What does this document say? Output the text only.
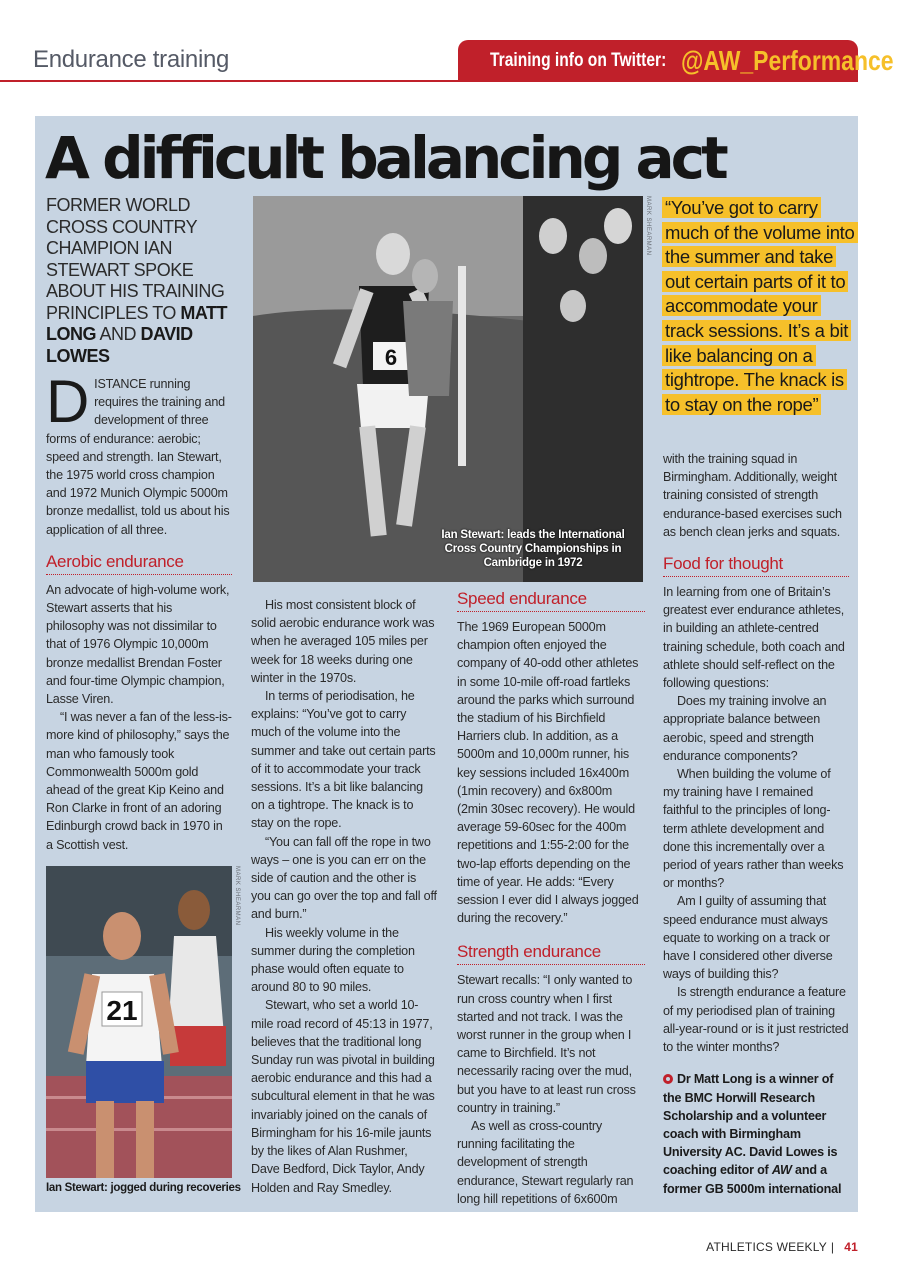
Endurance training	Training info on Twitter: @AW_Performance
A difficult balancing act
FORMER WORLD CROSS COUNTRY CHAMPION IAN STEWART SPOKE ABOUT HIS TRAINING PRINCIPLES TO MATT LONG AND DAVID LOWES
D ISTANCE running requires the training and development of three forms of endurance: aerobic; speed and strength. Ian Stewart, the 1975 world cross champion and 1972 Munich Olympic 5000m bronze medallist, told us about his application of all three.

Aerobic endurance

An advocate of high-volume work, Stewart asserts that his philosophy was not dissimilar to that of 1976 Olympic 10,000m bronze medallist Brendan Foster and four-time Olympic champion, Lasse Viren.

“I was never a fan of the less-is-more kind of philosophy,” says the man who famously took Commonwealth 5000m gold ahead of the great Kip Keino and Ron Clarke in front of an adoring Edinburgh crowd back in 1970 in a Scottish vest.

21
MARK SHEARMAN
Ian Stewart: jogged during recoveries
6
Ian Stewart: leads the International Cross Country Championships in Cambridge in 1972
MARK SHEARMAN

His most consistent block of solid aerobic endurance work was when he averaged 105 miles per week for 18 weeks during one winter in the 1970s.

In terms of periodisation, he explains: “You’ve got to carry much of the volume into the summer and take out certain parts of it to accommodate your track sessions. It’s a bit like balancing on a tightrope. The knack is to stay on the rope.

“You can fall off the rope in two ways – one is you can err on the side of caution and the other is you can go over the top and fall off and burn.”

His weekly volume in the summer during the completion phase would often equate to around 80 to 90 miles.

Stewart, who set a world 10-mile road record of 45:13 in 1977, believes that the traditional long Sunday run was pivotal in building aerobic endurance and this had a subcultural element in that he was invariably joined on the canals of Birmingham for his 16-mile jaunts by the likes of Alan Rushmer, Dave Bedford, Dick Taylor, Andy Holden and Ray Smedley.

Speed endurance

The 1969 European 5000m champion often enjoyed the company of 40-odd other athletes in some 10-mile off-road fartleks around the parks which surround the stadium of his Birchfield Harriers club. In addition, as a 5000m and 10,000m runner, his key sessions included 16x400m (1min recovery) and 6x800m (2min 30sec recovery). He would average 59-60sec for the 400m repetitions and 1:55-2:00 for the two-lap efforts depending on the time of year. He adds: “Every session I ever did I always jogged during the recovery.”

Strength endurance

Stewart recalls: “I only wanted to run cross country when I first started and not track. I was the worst runner in the group when I came to Birchfield. It’s not necessarily racing over the mud, but you have to at least run cross country in training.”

As well as cross-country running facilitating the development of strength endurance, Stewart regularly ran long hill repetitions of 6x600m

“You’ve got to carry much of the volume into the summer and take out certain parts of it to accommodate your track sessions. It’s a bit like balancing on a tightrope. The knack is to stay on the rope”

with the training squad in Birmingham. Additionally, weight training consisted of strength endurance-based exercises such as bench clean jerks and squats.

Food for thought

In learning from one of Britain’s greatest ever endurance athletes, in building an athlete-centred training schedule, both coach and athlete should self-reflect on the following questions:

Does my training involve an appropriate balance between aerobic, speed and strength endurance components?

When building the volume of my training have I remained faithful to the principles of long-term athlete development and done this incrementally over a period of years rather than weeks or months?

Am I guilty of assuming that speed endurance must always equate to working on a track or have I considered other diverse ways of building this?

Is strength endurance a feature of my periodised plan of training all-year-round or is it just restricted to the winter months?

Dr Matt Long is a winner of the BMC Horwill Research Scholarship and a volunteer coach with Birmingham University AC. David Lowes is coaching editor of AW and a former GB 5000m international
ATHLETICS WEEKLY | 41
